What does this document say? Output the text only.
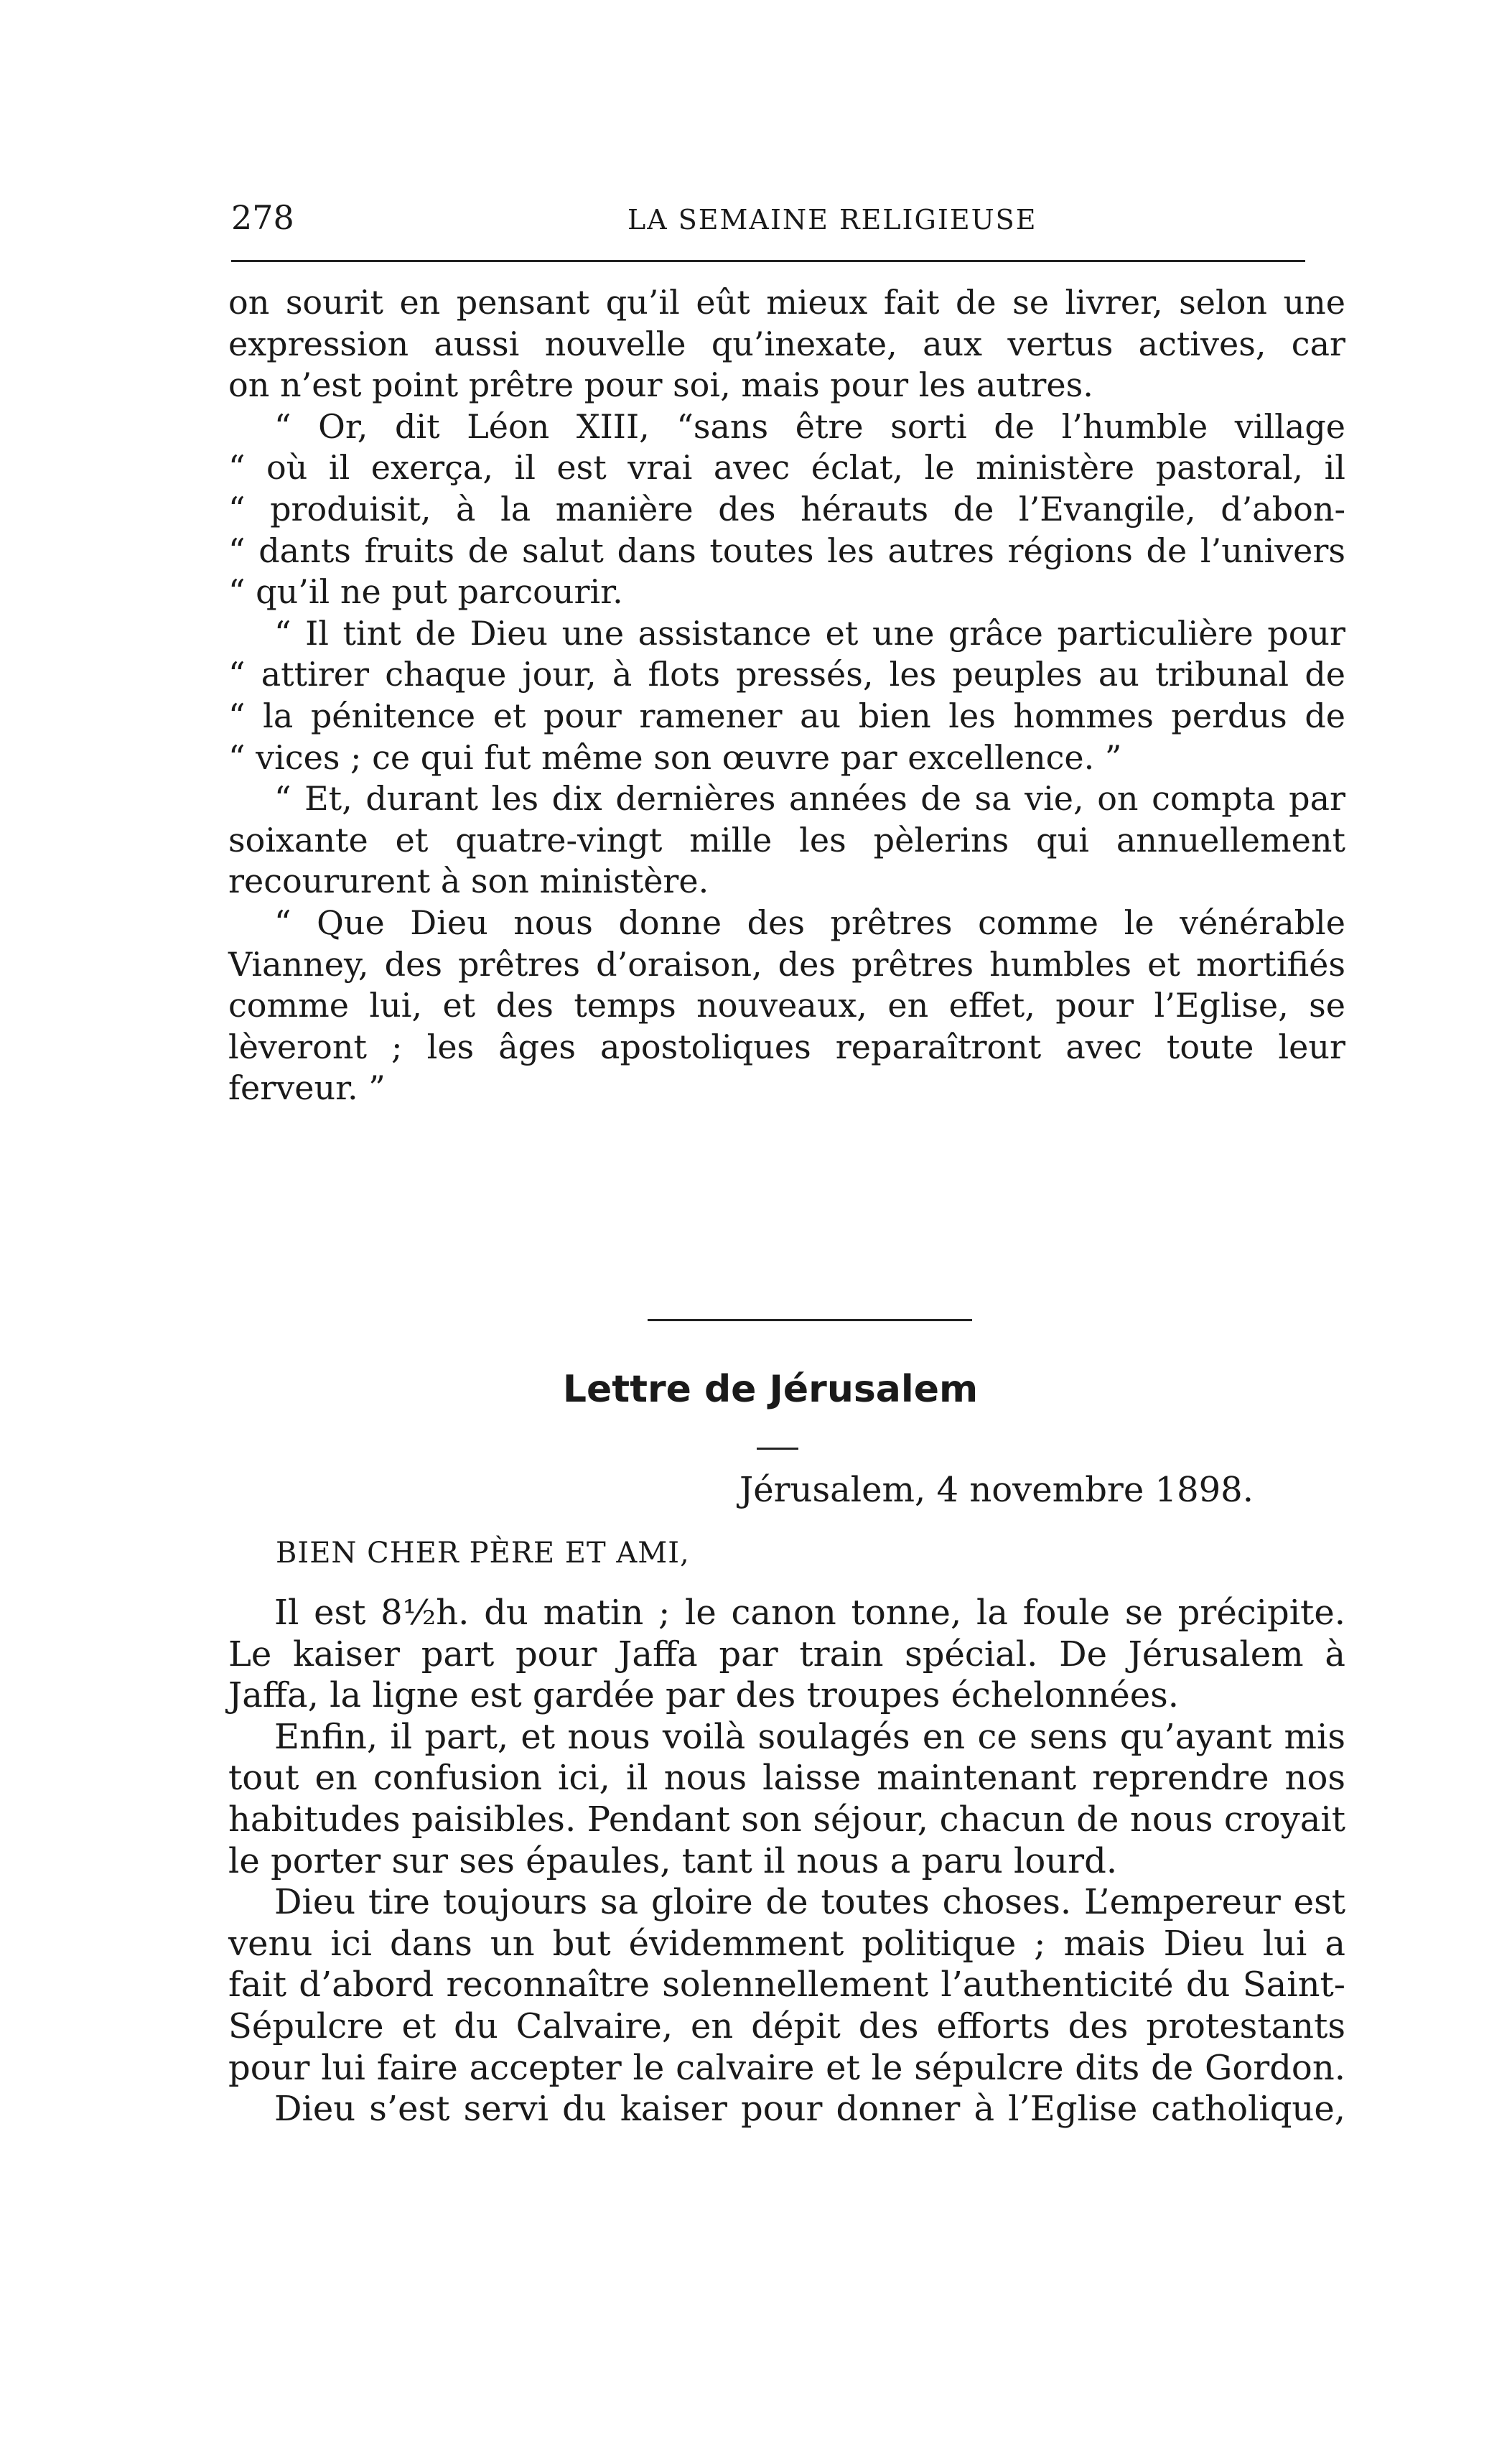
278	LA SEMAINE RELIGIEUSE
on sourit en pensant qu’il eût mieux fait de se livrer, selon une
expression aussi nouvelle qu’inexate, aux vertus actives, car
on n’est point prêtre pour soi, mais pour les autres.
“ Or, dit Léon XIII, “sans être sorti de l’humble village
“ où il exerça, il est vrai avec éclat, le ministère pastoral, il
“ produisit, à la manière des hérauts de l’Evangile, d’abon-
“ dants fruits de salut dans toutes les autres régions de l’univers
“ qu’il ne put parcourir.
“ Il tint de Dieu une assistance et une grâce particulière pour
“ attirer chaque jour, à flots pressés, les peuples au tribunal de
“ la pénitence et pour ramener au bien les hommes perdus de
“ vices ; ce qui fut même son œuvre par excellence. ”
“ Et, durant les dix dernières années de sa vie, on compta par
soixante et quatre-vingt mille les pèlerins qui annuellement
recoururent à son ministère.
“ Que Dieu nous donne des prêtres comme le vénérable
Vianney, des prêtres d’oraison, des prêtres humbles et mortifiés
comme lui, et des temps nouveaux, en effet, pour l’Eglise, se
lèveront ; les âges apostoliques reparaîtront avec toute leur
ferveur. ”
Lettre de Jérusalem
Jérusalem, 4 novembre 1898.
BIEN CHER PÈRE ET AMI,
Il est 8½h. du matin ; le canon tonne, la foule se précipite.
Le kaiser part pour Jaffa par train spécial. De Jérusalem à
Jaffa, la ligne est gardée par des troupes échelonnées.
Enfin, il part, et nous voilà soulagés en ce sens qu’ayant mis
tout en confusion ici, il nous laisse maintenant reprendre nos
habitudes paisibles. Pendant son séjour, chacun de nous croyait
le porter sur ses épaules, tant il nous a paru lourd.
Dieu tire toujours sa gloire de toutes choses. L’empereur est
venu ici dans un but évidemment politique ; mais Dieu lui a
fait d’abord reconnaître solennellement l’authenticité du Saint-
Sépulcre et du Calvaire, en dépit des efforts des protestants
pour lui faire accepter le calvaire et le sépulcre dits de Gordon.
Dieu s’est servi du kaiser pour donner à l’Eglise catholique,
